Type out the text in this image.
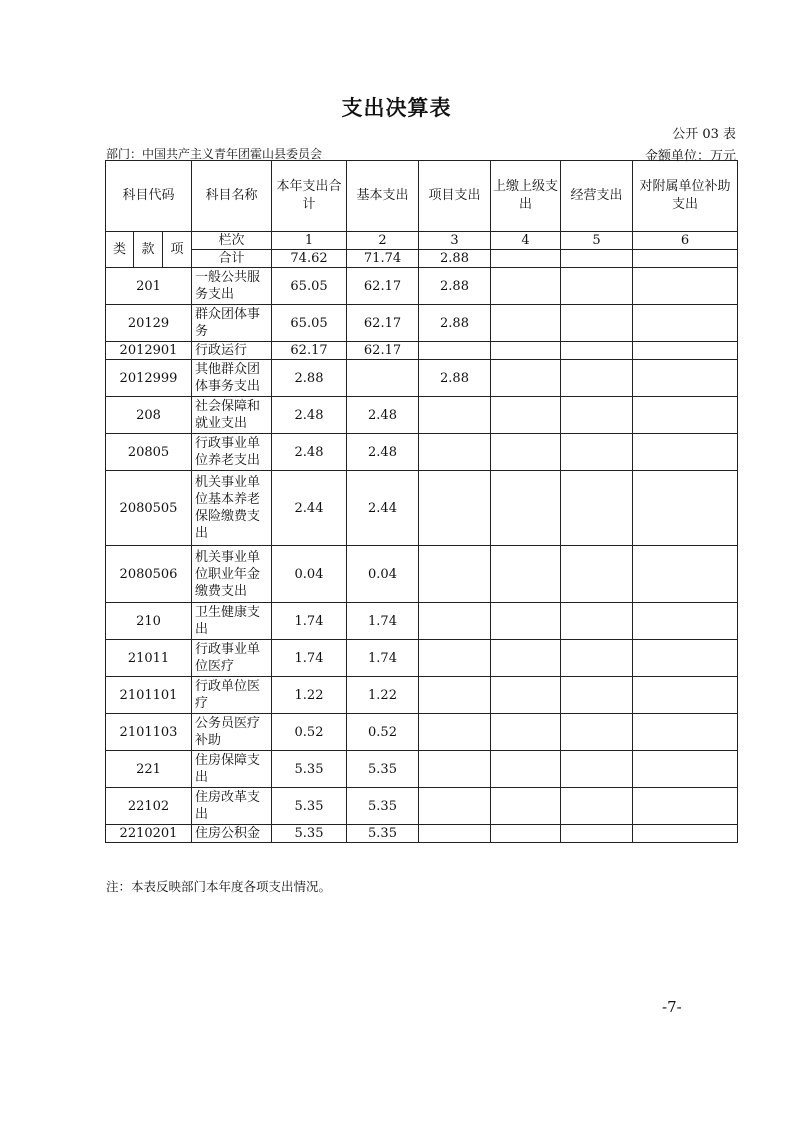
支出决算表
公开 03 表
部门：中国共产主义青年团霍山县委员会	金额单位：万元
科目代码			科目名称	本年支出合计	基本支出	项目支出	上缴上级支出	经营支出	对附属单位补助支出
类	款	项	栏次	1	2	3	4	5	6
			合计	74.62	71.74	2.88			
201			一般公共服务支出	65.05	62.17	2.88			
20129			群众团体事务	65.05	62.17	2.88			
2012901			行政运行	62.17	62.17				
2012999			其他群众团体事务支出	2.88		2.88			
208			社会保障和就业支出	2.48	2.48				
20805			行政事业单位养老支出	2.48	2.48				
2080505			机关事业单位基本养老保险缴费支出	2.44	2.44				
2080506			机关事业单位职业年金缴费支出	0.04	0.04				
210			卫生健康支出	1.74	1.74				
21011			行政事业单位医疗	1.74	1.74				
2101101			行政单位医疗	1.22	1.22				
2101103			公务员医疗补助	0.52	0.52				
221			住房保障支出	5.35	5.35				
22102			住房改革支出	5.35	5.35				
2210201			住房公积金	5.35	5.35				
注：本表反映部门本年度各项支出情况。
-7-
